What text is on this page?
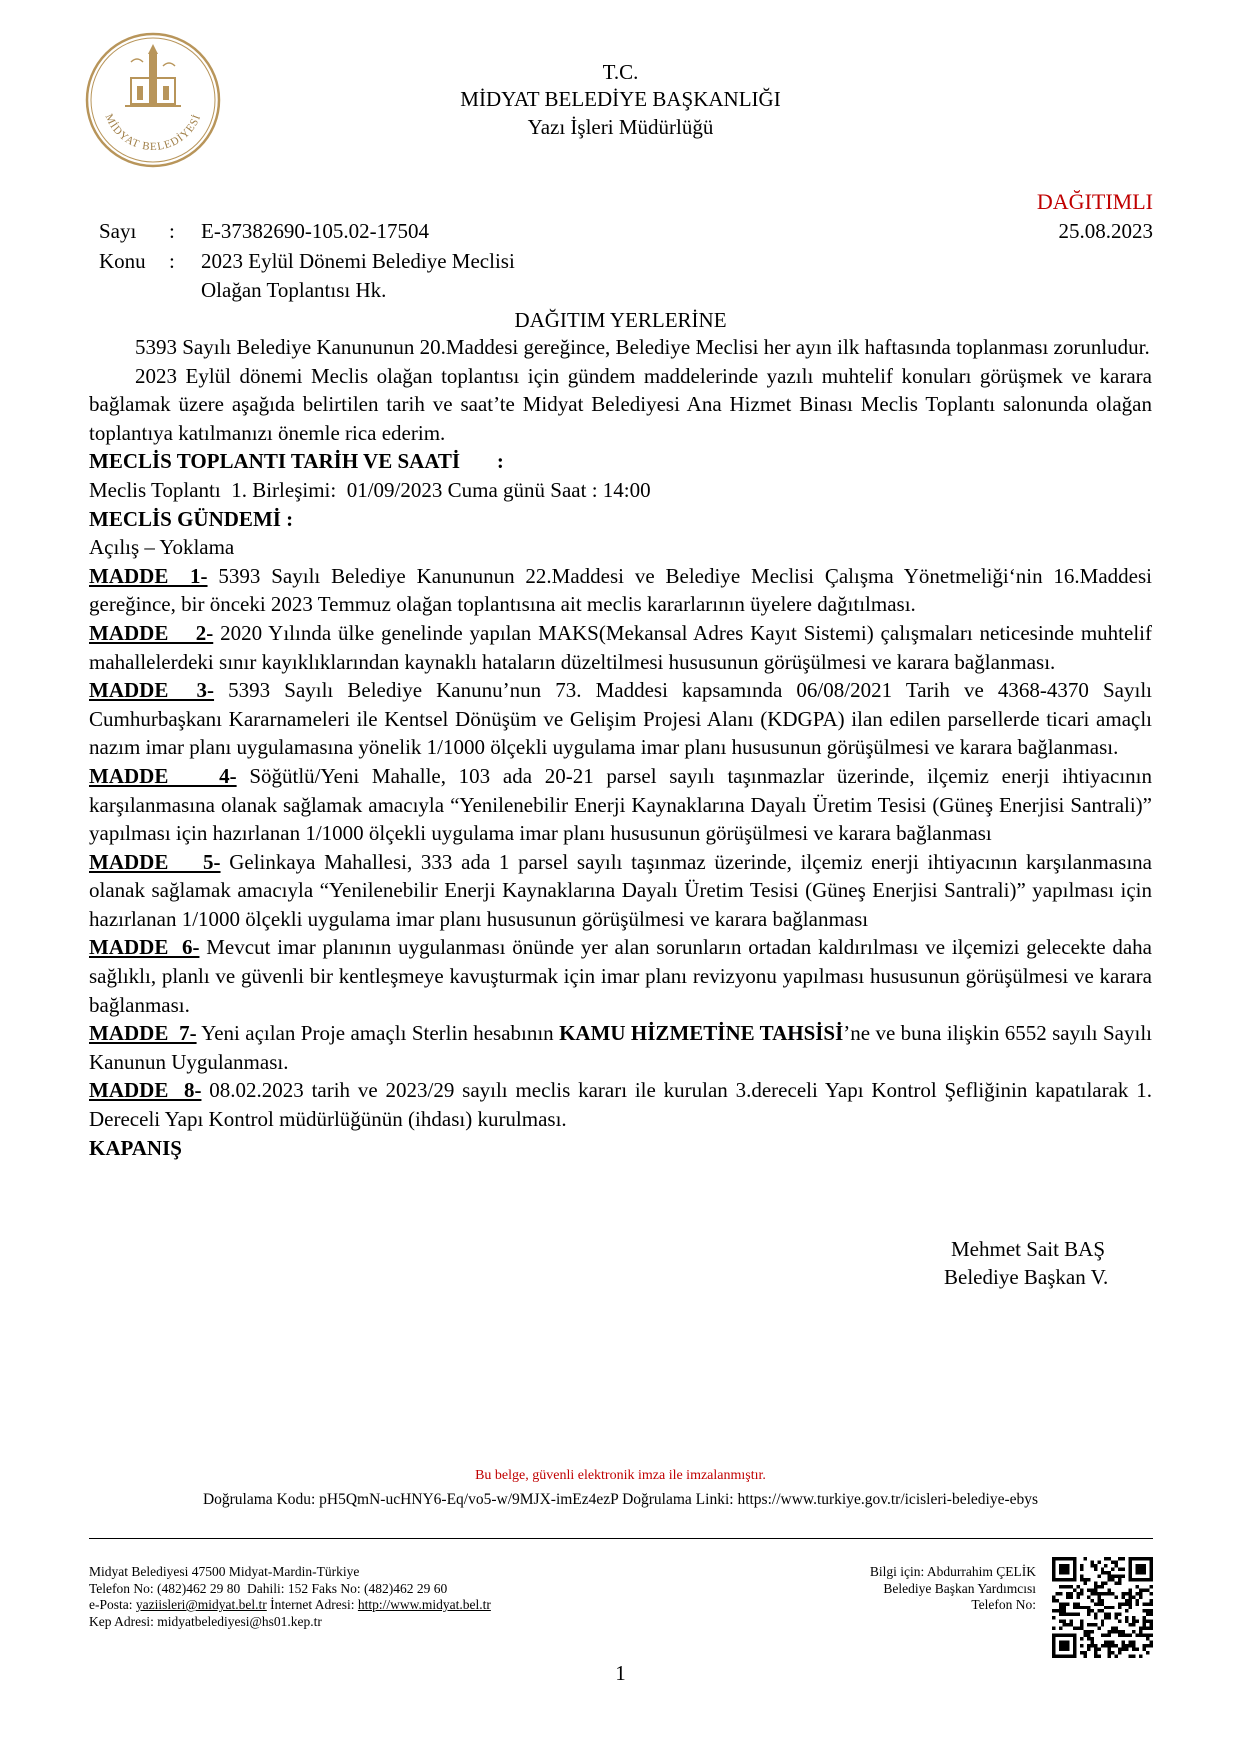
MİDYAT BELEDİYESİ
T.C.
MİDYAT BELEDİYE BAŞKANLIĞI
Yazı İşleri Müdürlüğü
DAĞITIMLI
25.08.2023
Sayı : E-37382690-105.02-17504
Konu : 2023 Eylül Dönemi Belediye Meclisi
Olağan Toplantısı Hk.
DAĞITIM YERLERİNE

5393 Sayılı Belediye Kanununun 20.Maddesi gereğince, Belediye Meclisi her ayın ilk haftasında toplanması zorunludur.

2023 Eylül dönemi Meclis olağan toplantısı için gündem maddelerinde yazılı muhtelif konuları görüşmek ve karara bağlamak üzere aşağıda belirtilen tarih ve saat’te Midyat Belediyesi Ana Hizmet Binası Meclis Toplantı salonunda olağan toplantıya katılmanızı önemle rica ederim.

MECLİS TOPLANTI TARİH VE SAATİ       :

Meclis Toplantı  1. Birleşimi:  01/09/2023 Cuma günü Saat : 14:00

MECLİS GÜNDEMİ :

Açılış – Yoklama

MADDE  1- 5393 Sayılı Belediye Kanununun 22.Maddesi ve Belediye Meclisi Çalışma Yönetmeliği‘nin 16.Maddesi gereğince, bir önceki 2023 Temmuz olağan toplantısına ait meclis kararlarının üyelere dağıtılması.

MADDE    2- 2020 Yılında ülke genelinde yapılan MAKS(Mekansal Adres Kayıt Sistemi) çalışmaları neticesinde muhtelif mahallelerdeki sınır kayıklıklarından kaynaklı hataların düzeltilmesi hususunun görüşülmesi ve karara bağlanması.

MADDE  3- 5393 Sayılı Belediye Kanunu’nun 73. Maddesi kapsamında 06/08/2021 Tarih ve 4368-4370 Sayılı Cumhurbaşkanı Kararnameleri ile Kentsel Dönüşüm ve Gelişim Projesi Alanı (KDGPA) ilan edilen parsellerde ticari amaçlı nazım imar planı uygulamasına yönelik 1/1000 ölçekli uygulama imar planı hususunun görüşülmesi ve karara bağlanması.

MADDE    4- Söğütlü/Yeni Mahalle, 103 ada 20-21 parsel sayılı taşınmazlar üzerinde, ilçemiz enerji ihtiyacının karşılanmasına olanak sağlamak amacıyla “Yenilenebilir Enerji Kaynaklarına Dayalı Üretim Tesisi (Güneş Enerjisi Santrali)” yapılması için hazırlanan 1/1000 ölçekli uygulama imar planı hususunun görüşülmesi ve karara bağlanması

MADDE    5- Gelinkaya Mahallesi, 333 ada 1 parsel sayılı taşınmaz üzerinde, ilçemiz enerji ihtiyacının karşılanmasına olanak sağlamak amacıyla “Yenilenebilir Enerji Kaynaklarına Dayalı Üretim Tesisi (Güneş Enerjisi Santrali)” yapılması için hazırlanan 1/1000 ölçekli uygulama imar planı hususunun görüşülmesi ve karara bağlanması

MADDE  6- Mevcut imar planının uygulanması önünde yer alan sorunların ortadan kaldırılması ve ilçemizi gelecekte daha sağlıklı, planlı ve güvenli bir kentleşmeye kavuşturmak için imar planı revizyonu yapılması hususunun görüşülmesi ve karara bağlanması.

MADDE  7- Yeni açılan Proje amaçlı Sterlin hesabının KAMU HİZMETİNE TAHSİSİ’ne ve buna ilişkin 6552 sayılı Sayılı Kanunun Uygulanması.

MADDE  8- 08.02.2023 tarih ve 2023/29 sayılı meclis kararı ile kurulan 3.dereceli Yapı Kontrol Şefliğinin kapatılarak 1. Dereceli Yapı Kontrol müdürlüğünün (ihdası) kurulması.

KAPANIŞ

Mehmet Sait BAŞ
Belediye Başkan V.
Bu belge, güvenli elektronik imza ile imzalanmıştır.
Doğrulama Kodu: pH5QmN-ucHNY6-Eq/vo5-w/9MJX-imEz4ezP Doğrulama Linki: https://www.turkiye.gov.tr/icisleri-belediye-ebys
Midyat Belediyesi 47500 Midyat-Mardin-Türkiye
Telefon No: (482)462 29 80  Dahili: 152 Faks No: (482)462 29 60
e-Posta: yaziisleri@midyat.bel.tr İnternet Adresi: http://www.midyat.bel.tr
Kep Adresi: midyatbelediyesi@hs01.kep.tr
Bilgi için: Abdurrahim ÇELİK
Belediye Başkan Yardımcısı
Telefon No:
1
